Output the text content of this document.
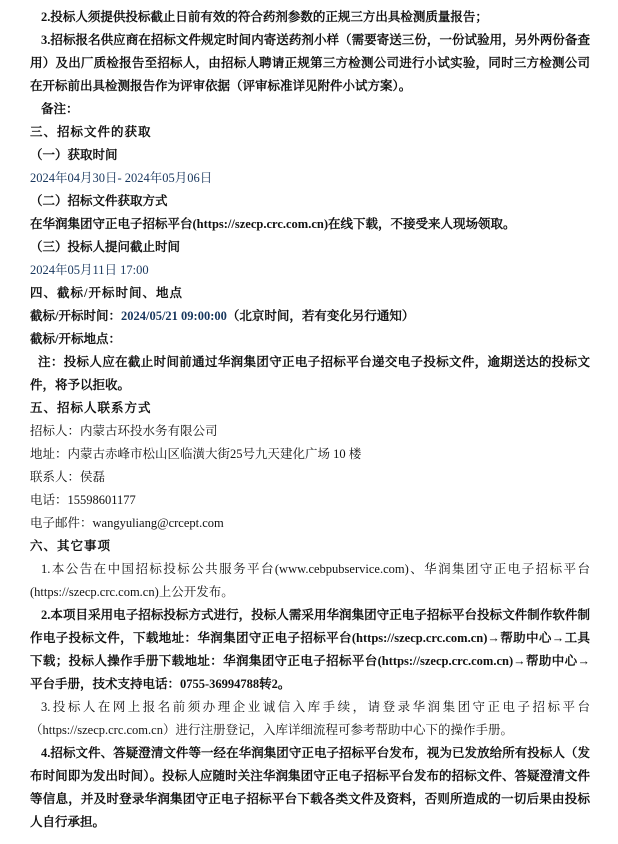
2.投标人须提供投标截止日前有效的符合药剂参数的正规三方出具检测质量报告；

3.招标报名供应商在招标文件规定时间内寄送药剂小样（需要寄送三份，一份试验用，另外两份备查用）及出厂质检报告至招标人，由招标人聘请正规第三方检测公司进行小试实验，同时三方检测公司在开标前出具检测报告作为评审依据（评审标准详见附件小试方案）。

备注：

三、招标文件的获取
（一）获取时间
2024年04月30日- 2024年05月06日
（二）招标文件获取方式
在华润集团守正电子招标平台(https://szecp.crc.com.cn)在线下载，不接受来人现场领取。
（三）投标人提问截止时间
2024年05月11日 17:00
四、截标/开标时间、地点
截标/开标时间：2024/05/21 09:00:00（北京时间，若有变化另行通知）
截标/开标地点：

注：投标人应在截止时间前通过华润集团守正电子招标平台递交电子投标文件，逾期送达的投标文件，将予以拒收。

五、招标人联系方式
招标人：内蒙古环投水务有限公司
地址：内蒙古赤峰市松山区临潢大街25号九天建化广场 10 楼
联系人：侯磊
电话：15598601177
电子邮件：wangyuliang@crcept.com
六、其它事项

1.本公告在中国招标投标公共服务平台(www.cebpubservice.com)、华润集团守正电子招标平台(https://szecp.crc.com.cn)上公开发布。

2.本项目采用电子招标投标方式进行，投标人需采用华润集团守正电子招标平台投标文件制作软件制作电子投标文件，下载地址：华润集团守正电子招标平台(https://szecp.crc.com.cn)→帮助中心→工具下载；投标人操作手册下载地址：华润集团守正电子招标平台(https://szecp.crc.com.cn)→帮助中心→平台手册，技术支持电话：0755-36994788转2。

3.投标人在网上报名前须办理企业诚信入库手续，请登录华润集团守正电子招标平台（https://szecp.crc.com.cn）进行注册登记，入库详细流程可参考帮助中心下的操作手册。

4.招标文件、答疑澄清文件等一经在华润集团守正电子招标平台发布，视为已发放给所有投标人（发布时间即为发出时间）。投标人应随时关注华润集团守正电子招标平台发布的招标文件、答疑澄清文件等信息，并及时登录华润集团守正电子招标平台下载各类文件及资料，否则所造成的一切后果由投标人自行承担。
